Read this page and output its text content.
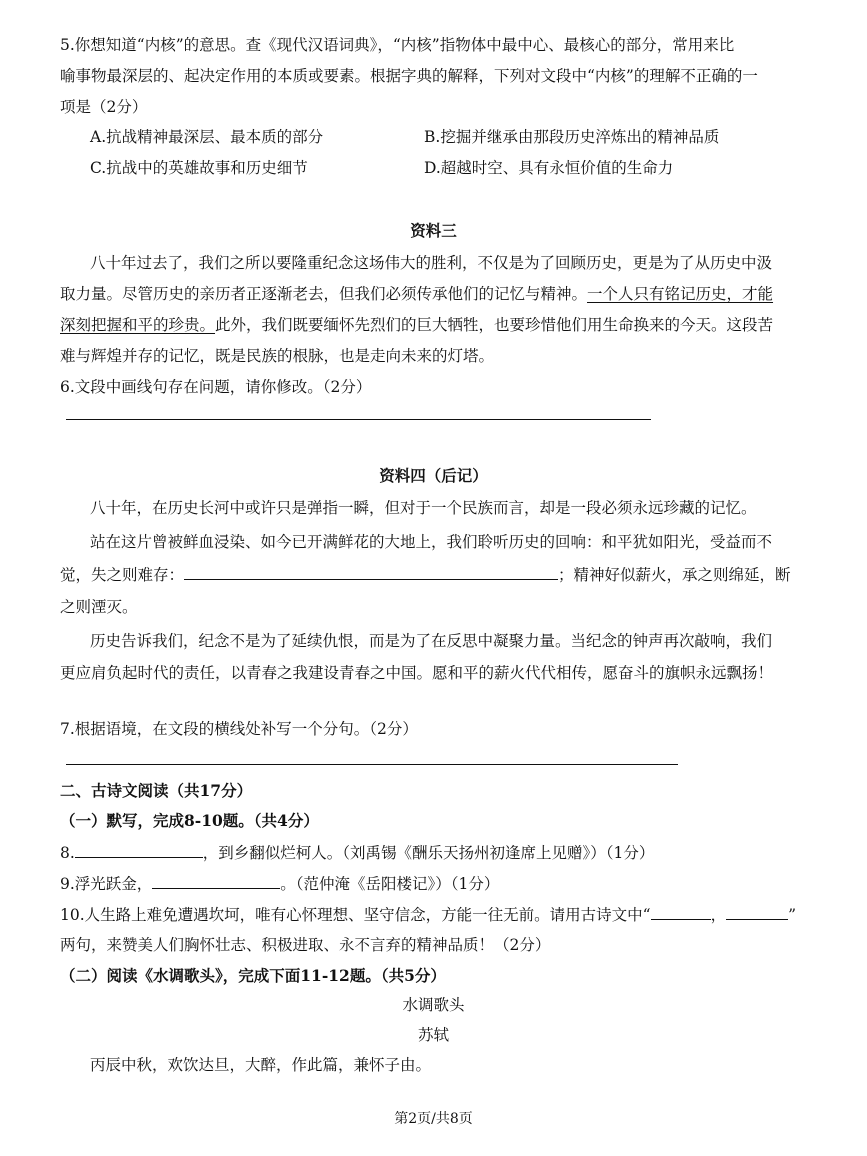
5.你想知道“内核”的意思。查《现代汉语词典》，“内核”指物体中最中心、最核心的部分，常用来比
喻事物最深层的、起决定作用的本质或要素。根据字典的解释，下列对文段中“内核”的理解不正确的一
项是（2分）
A.抗战精神最深层、最本质的部分	B.挖掘并继承由那段历史淬炼出的精神品质
C.抗战中的英雄故事和历史细节	D.超越时空、具有永恒价值的生命力
资料三
八十年过去了，我们之所以要隆重纪念这场伟大的胜利，不仅是为了回顾历史，更是为了从历史中汲
取力量。尽管历史的亲历者正逐渐老去，但我们必须传承他们的记忆与精神。一个人只有铭记历史，才能
深刻把握和平的珍贵。此外，我们既要缅怀先烈们的巨大牺牲，也要珍惜他们用生命换来的今天。这段苦
难与辉煌并存的记忆，既是民族的根脉，也是走向未来的灯塔。
6.文段中画线句存在问题，请你修改。（2分）
资料四（后记）
八十年，在历史长河中或许只是弹指一瞬，但对于一个民族而言，却是一段必须永远珍藏的记忆。
站在这片曾被鲜血浸染、如今已开满鲜花的大地上，我们聆听历史的回响：和平犹如阳光，受益而不
觉，失之则难存：	；精神好似薪火，承之则绵延，断
之则湮灭。
历史告诉我们，纪念不是为了延续仇恨，而是为了在反思中凝聚力量。当纪念的钟声再次敲响，我们
更应肩负起时代的责任，以青春之我建设青春之中国。愿和平的薪火代代相传，愿奋斗的旗帜永远飘扬！
7.根据语境，在文段的横线处补写一个分句。（2分）
二、古诗文阅读（共17分）
（一）默写，完成8-10题。（共4分）
8.	，到乡翻似烂柯人。（刘禹锡《酬乐天扬州初逢席上见赠》）（1分）
9.浮光跃金，	。（范仲淹《岳阳楼记》）（1分）
10.人生路上难免遭遇坎坷，唯有心怀理想、坚守信念，方能一往无前。请用古诗文中“	，	”
两句，来赞美人们胸怀壮志、积极进取、永不言弃的精神品质！（2分）
（二）阅读《水调歌头》，完成下面11-12题。（共5分）
水调歌头
苏轼
丙辰中秋，欢饮达旦，大醉，作此篇，兼怀子由。
第2页/共8页
